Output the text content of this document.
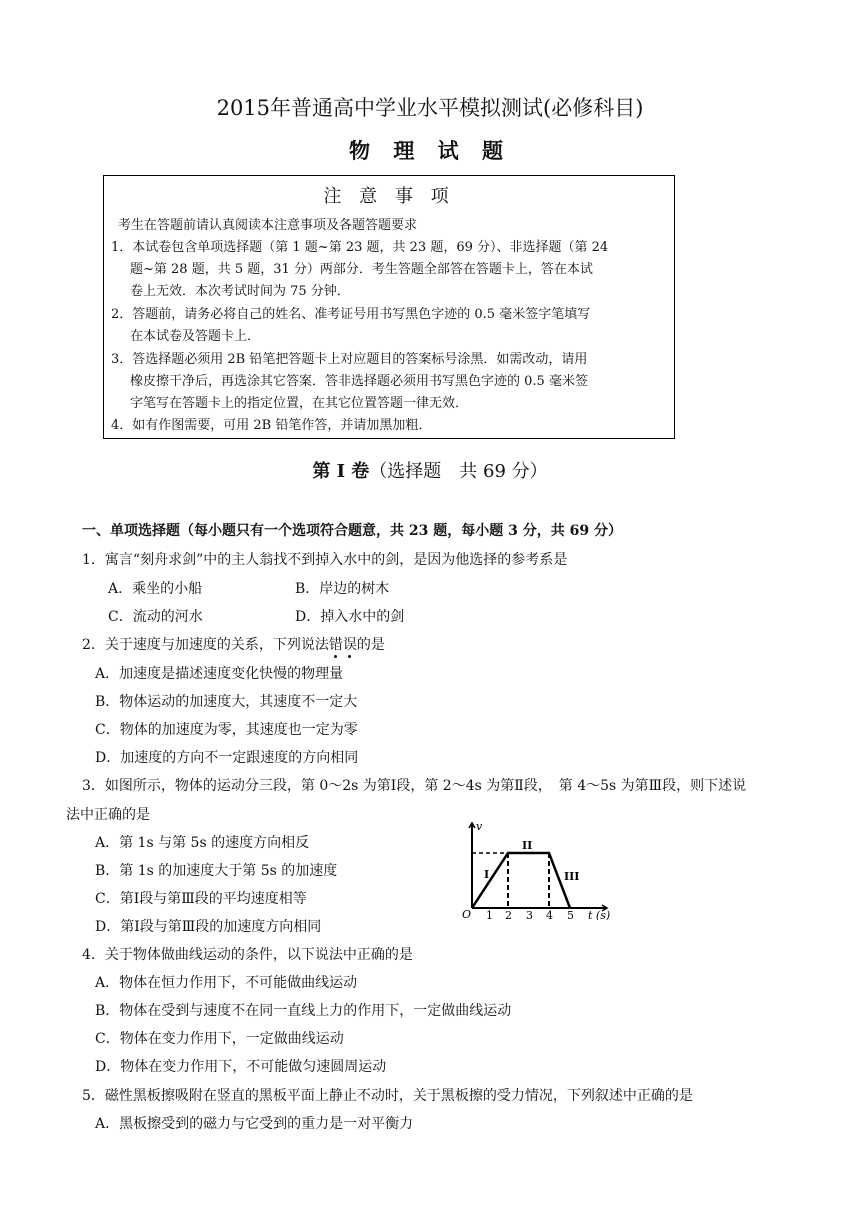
2015年普通高中学业水平模拟测试(必修科目)
物 理 试 题
注 意 事 项
考生在答题前请认真阅读本注意事项及各题答题要求
1．本试卷包含单项选择题（第 1 题~第 23 题，共 23 题，69 分）、非选择题（第 24
题~第 28 题，共 5 题，31 分）两部分．考生答题全部答在答题卡上，答在本试
卷上无效．本次考试时间为 75 分钟．
2．答题前，请务必将自己的姓名、准考证号用书写黑色字迹的 0.5 毫米签字笔填写
在本试卷及答题卡上．
3．答选择题必须用 2B 铅笔把答题卡上对应题目的答案标号涂黑．如需改动，请用
橡皮擦干净后，再选涂其它答案．答非选择题必须用书写黑色字迹的 0.5 毫米签
字笔写在答题卡上的指定位置，在其它位置答题一律无效．
4．如有作图需要，可用 2B 铅笔作答，并请加黑加粗．
第 I 卷（选择题　共 69 分）
一、单项选择题（每小题只有一个选项符合题意，共 23 题，每小题 3 分，共 69 分）
1．寓言“刻舟求剑”中的主人翁找不到掉入水中的剑，是因为他选择的参考系是
A．乘坐的小船	B．岸边的树木
C．流动的河水	D．掉入水中的剑
2．关于速度与加速度的关系，下列说法错误的是
A．加速度是描述速度变化快慢的物理量
B．物体运动的加速度大，其速度不一定大
C．物体的加速度为零，其速度也一定为零
D．加速度的方向不一定跟速度的方向相同
3．如图所示，物体的运动分三段，第 0～2s 为第Ⅰ段，第 2～4s 为第Ⅱ段，　第 4～5s 为第Ⅲ段，则下述说
法中正确的是
A．第 1s 与第 5s 的速度方向相反
B．第 1s 的加速度大于第 5s 的加速度
C．第Ⅰ段与第Ⅲ段的平均速度相等
D．第Ⅰ段与第Ⅲ段的加速度方向相同
v
O 1 2 3 4 5 t (s)
I
II
III
4．关于物体做曲线运动的条件，以下说法中正确的是
A．物体在恒力作用下，不可能做曲线运动
B．物体在受到与速度不在同一直线上力的作用下，一定做曲线运动
C．物体在变力作用下，一定做曲线运动
D．物体在变力作用下，不可能做匀速圆周运动
5．磁性黑板擦吸附在竖直的黑板平面上静止不动时，关于黑板擦的受力情况，下列叙述中正确的是
A．黑板擦受到的磁力与它受到的重力是一对平衡力
